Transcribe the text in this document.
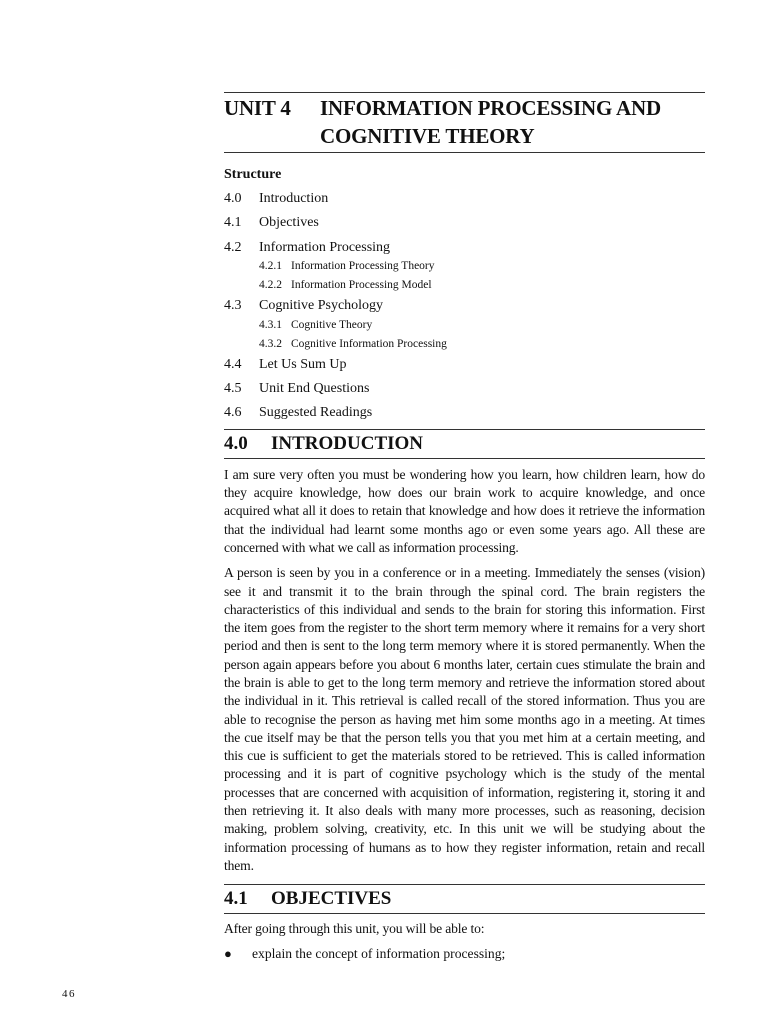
UNIT 4	INFORMATION PROCESSING AND
COGNITIVE THEORY
Structure
4.0	Introduction
4.1	Objectives
4.2	Information Processing
4.2.1 Information Processing Theory
4.2.2 Information Processing Model
4.3	Cognitive Psychology
4.3.1 Cognitive Theory
4.3.2 Cognitive Information Processing
4.4	Let Us Sum Up
4.5	Unit End Questions
4.6	Suggested Readings
4.0	INTRODUCTION

I am sure very often you must be wondering how you learn, how children learn, how do they acquire knowledge, how does our brain work to acquire knowledge, and once acquired what all it does to retain that knowledge and how does it retrieve the information that the individual had learnt some months ago or even some years ago. All these are concerned with what we call as information processing.

A person is seen by you in a conference or in a meeting. Immediately the senses (vision) see it and transmit it to the brain through the spinal cord. The brain registers the characteristics of this individual and sends to the brain for storing this information. First the item goes from the register to the short term memory where it remains for a very short period and then is sent to the long term memory where it is stored permanently. When the person again appears before you about 6 months later, certain cues stimulate the brain and the brain is able to get to the long term memory and retrieve the information stored about the individual in it. This retrieval is called recall of the stored information. Thus you are able to recognise the person as having met him some months ago in a meeting. At times the cue itself may be that the person tells you that you met him at a certain meeting, and this cue is sufficient to get the materials stored to be retrieved. This is called information processing and it is part of cognitive psychology which is the study of the mental processes that are concerned with acquisition of information, registering it, storing it and then retrieving it. It also deals with many more processes, such as reasoning, decision making, problem solving, creativity, etc. In this unit we will be studying about the information processing of humans as to how they register information, retain and recall them.

4.1	OBJECTIVES

After going through this unit, you will be able to:

●	explain the concept of information processing;
46
